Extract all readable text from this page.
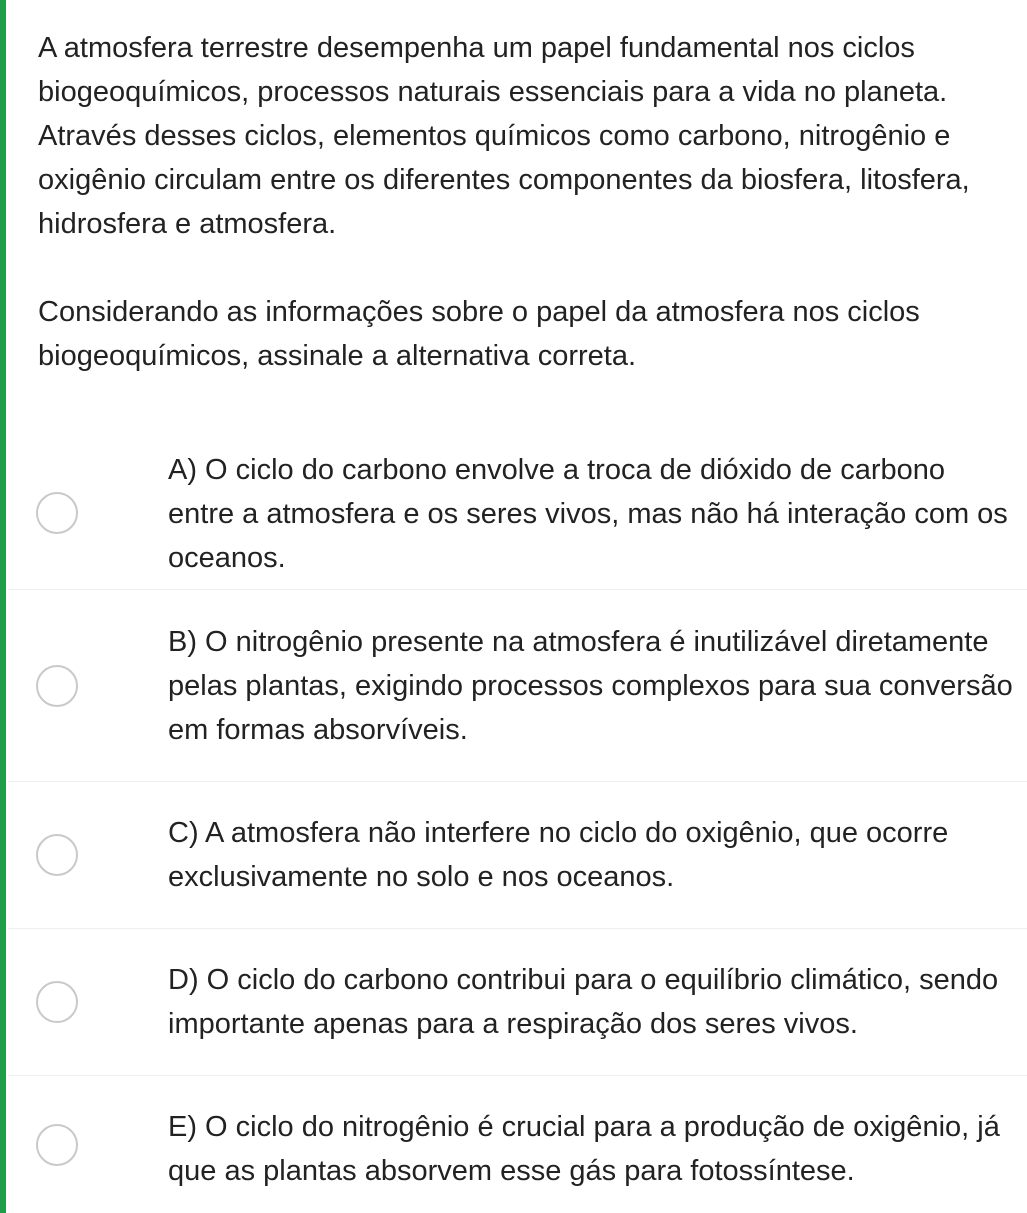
A atmosfera terrestre desempenha um papel fundamental nos ciclos biogeoquímicos, processos naturais essenciais para a vida no planeta. Através desses ciclos, elementos químicos como carbono, nitrogênio e oxigênio circulam entre os diferentes componentes da biosfera, litosfera, hidrosfera e atmosfera.

Considerando as informações sobre o papel da atmosfera nos ciclos biogeoquímicos, assinale a alternativa correta.

A) O ciclo do carbono envolve a troca de dióxido de carbono entre a atmosfera e os seres vivos, mas não há interação com os oceanos.
B) O nitrogênio presente na atmosfera é inutilizável diretamente pelas plantas, exigindo processos complexos para sua conversão em formas absorvíveis.
C) A atmosfera não interfere no ciclo do oxigênio, que ocorre exclusivamente no solo e nos oceanos.
D) O ciclo do carbono contribui para o equilíbrio climático, sendo importante apenas para a respiração dos seres vivos.
E) O ciclo do nitrogênio é crucial para a produção de oxigênio, já que as plantas absorvem esse gás para fotossíntese.
